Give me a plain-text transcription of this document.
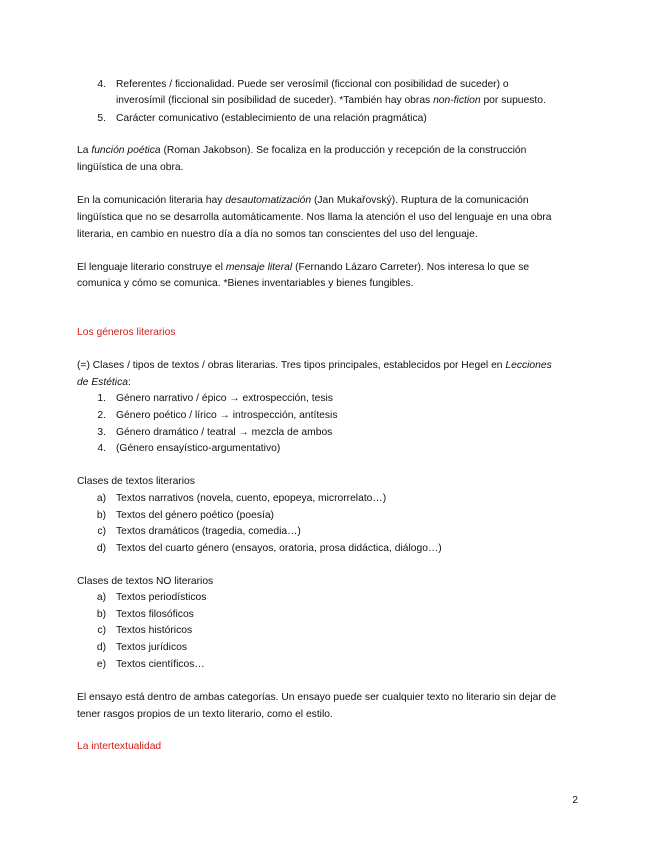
4. Referentes / ficcionalidad. Puede ser verosímil (ficcional con posibilidad de suceder) o
inverosímil (ficcional sin posibilidad de suceder). *También hay obras non-fiction por supuesto.
5. Carácter comunicativo (establecimiento de una relación pragmática)
La función poética (Roman Jakobson). Se focaliza en la producción y recepción de la construcción
lingüística de una obra.
En la comunicación literaria hay desautomatización (Jan Mukařovský). Ruptura de la comunicación
lingüística que no se desarrolla automáticamente. Nos llama la atención el uso del lenguaje en una obra
literaria, en cambio en nuestro día a día no somos tan conscientes del uso del lenguaje.
El lenguaje literario construye el mensaje literal (Fernando Lázaro Carreter). Nos interesa lo que se
comunica y cómo se comunica. *Bienes inventariables y bienes fungibles.
Los géneros literarios
(=) Clases / tipos de textos / obras literarias. Tres tipos principales, establecidos por Hegel en Lecciones
de Estética:
1. Género narrativo / épico → extrospección, tesis
2. Género poético / lírico → introspección, antítesis
3. Género dramático / teatral → mezcla de ambos
4. (Género ensayístico-argumentativo)
Clases de textos literarios
a) Textos narrativos (novela, cuento, epopeya, microrrelato…)
b) Textos del género poético (poesía)
c) Textos dramáticos (tragedia, comedia…)
d) Textos del cuarto género (ensayos, oratoria, prosa didáctica, diálogo…)
Clases de textos NO literarios
a) Textos periodísticos
b) Textos filosóficos
c) Textos históricos
d) Textos jurídicos
e) Textos científicos…
El ensayo está dentro de ambas categorías. Un ensayo puede ser cualquier texto no literario sin dejar de
tener rasgos propios de un texto literario, como el estilo.
La intertextualidad
2
